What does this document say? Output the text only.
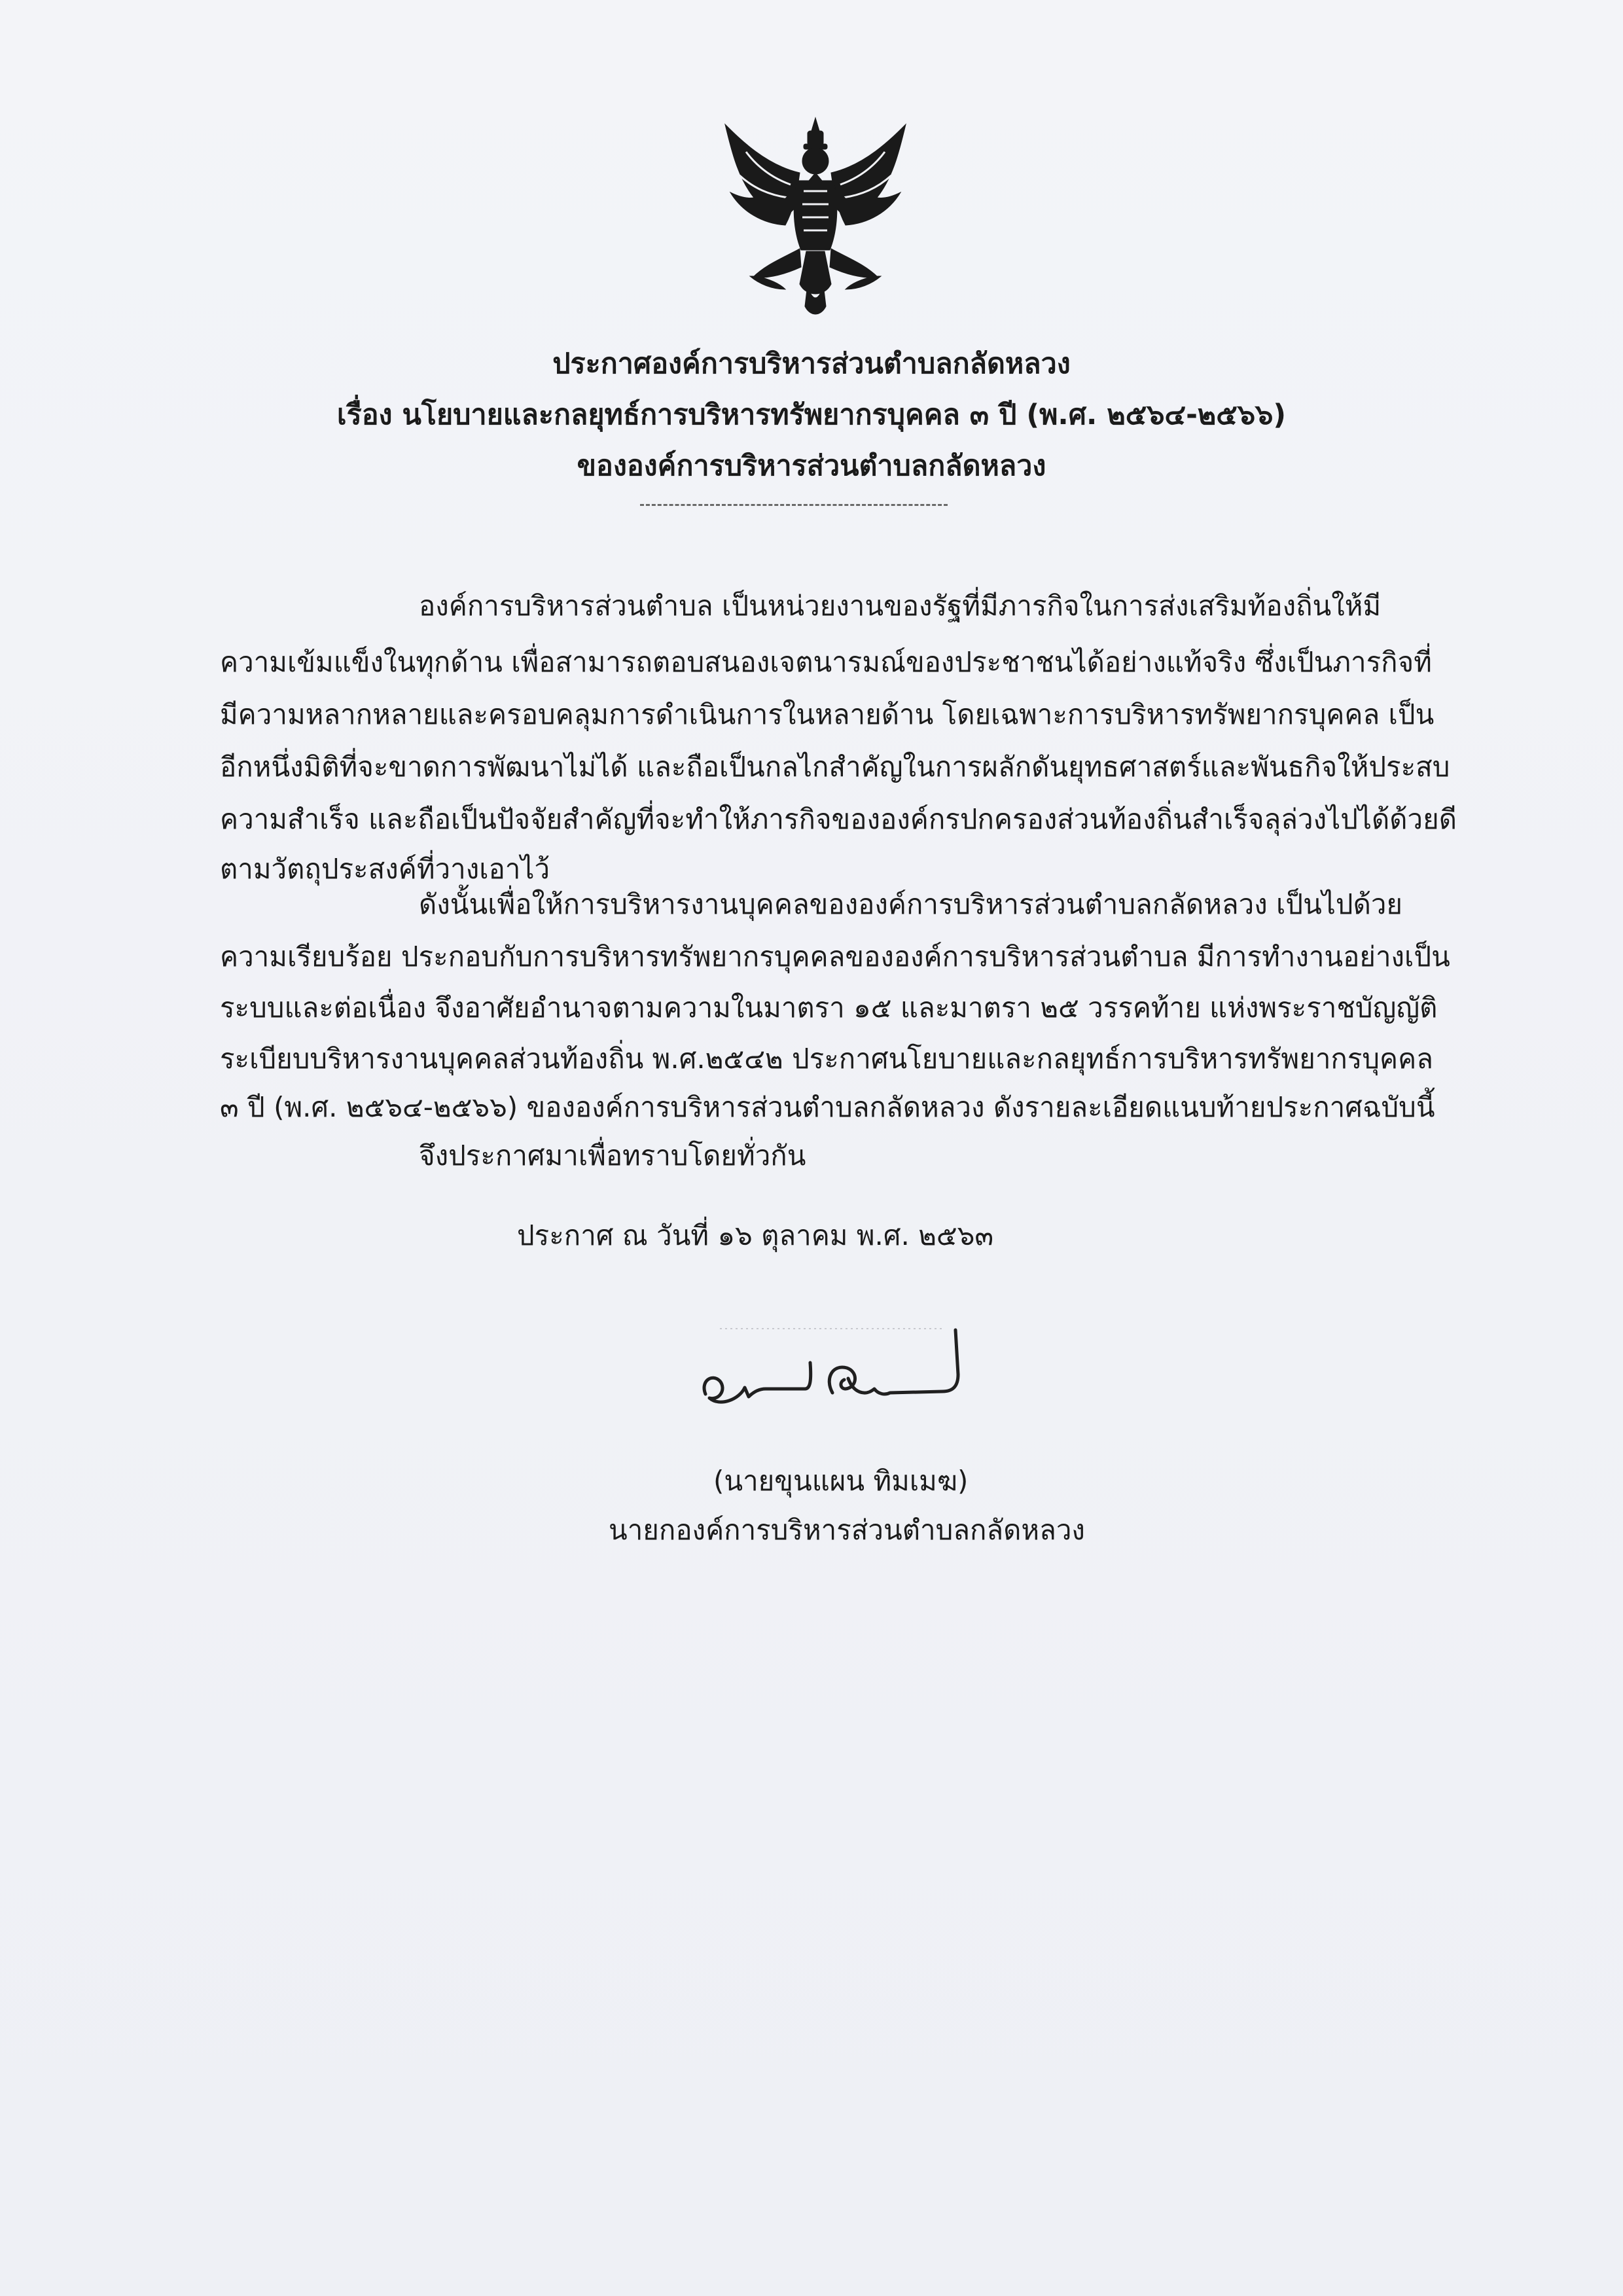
ประกาศองค์การบริหารส่วนตำบลกลัดหลวง
เรื่อง นโยบายและกลยุทธ์การบริหารทรัพยากรบุคคล ๓ ปี (พ.ศ. ๒๕๖๔-๒๕๖๖)
ขององค์การบริหารส่วนตำบลกลัดหลวง
องค์การบริหารส่วนตำบล เป็นหน่วยงานของรัฐที่มีภารกิจในการส่งเสริมท้องถิ่นให้มี
ความเข้มแข็งในทุกด้าน เพื่อสามารถตอบสนองเจตนารมณ์ของประชาชนได้อย่างแท้จริง ซึ่งเป็นภารกิจที่
มีความหลากหลายและครอบคลุมการดำเนินการในหลายด้าน โดยเฉพาะการบริหารทรัพยากรบุคคล เป็น
อีกหนึ่งมิติที่จะขาดการพัฒนาไม่ได้ และถือเป็นกลไกสำคัญในการผลักดันยุทธศาสตร์และพันธกิจให้ประสบ
ความสำเร็จ และถือเป็นปัจจัยสำคัญที่จะทำให้ภารกิจขององค์กรปกครองส่วนท้องถิ่นสำเร็จลุล่วงไปได้ด้วยดี
ตามวัตถุประสงค์ที่วางเอาไว้
ดังนั้นเพื่อให้การบริหารงานบุคคลขององค์การบริหารส่วนตำบลกลัดหลวง เป็นไปด้วย
ความเรียบร้อย ประกอบกับการบริหารทรัพยากรบุคคลขององค์การบริหารส่วนตำบล มีการทำงานอย่างเป็น
ระบบและต่อเนื่อง จึงอาศัยอำนาจตามความในมาตรา ๑๕ และมาตรา ๒๕ วรรคท้าย แห่งพระราชบัญญัติ
ระเบียบบริหารงานบุคคลส่วนท้องถิ่น พ.ศ.๒๕๔๒ ประกาศนโยบายและกลยุทธ์การบริหารทรัพยากรบุคคล
๓ ปี (พ.ศ. ๒๕๖๔-๒๕๖๖) ขององค์การบริหารส่วนตำบลกลัดหลวง ดังรายละเอียดแนบท้ายประกาศฉบับนี้
จึงประกาศมาเพื่อทราบโดยทั่วกัน
ประกาศ ณ วันที่ ๑๖ ตุลาคม พ.ศ. ๒๕๖๓
(นายขุนแผน ทิมเมฆ)
นายกองค์การบริหารส่วนตำบลกลัดหลวง
